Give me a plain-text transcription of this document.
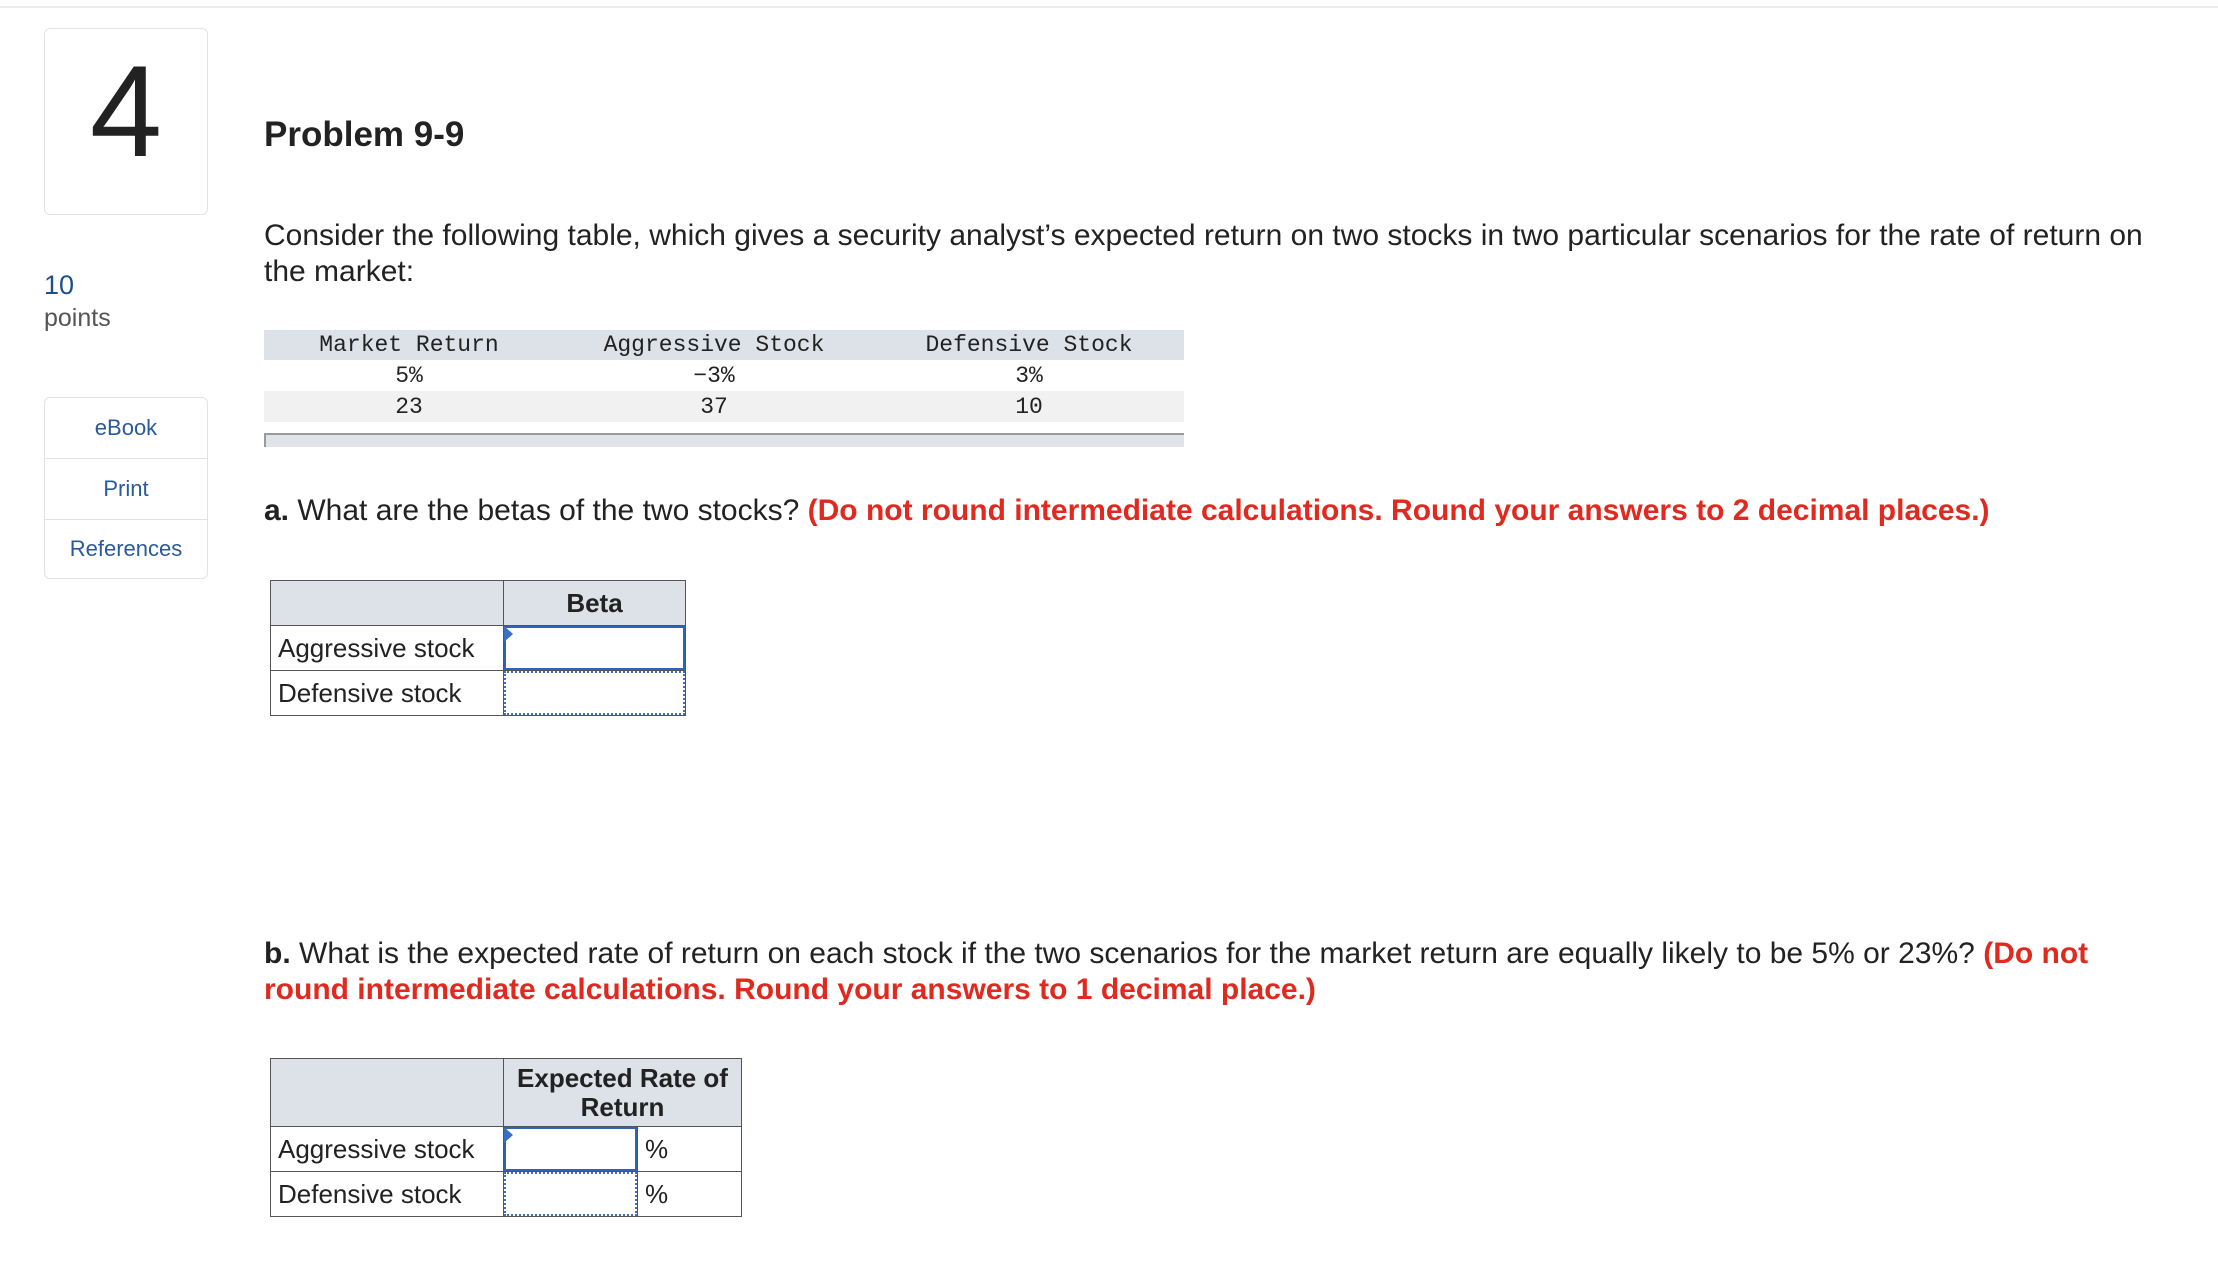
4
10
points
eBook
Print
References
Problem 9-9
Consider the following table, which gives a security analyst’s expected return on two stocks in two particular scenarios for the rate of return on the market:
Market Return	Aggressive Stock	Defensive Stock
5%	−3%	3%
23	37	10
a. What are the betas of the two stocks? (Do not round intermediate calculations. Round your answers to 2 decimal places.)
	Beta
Aggressive stock	

Defensive stock	
b. What is the expected rate of return on each stock if the two scenarios for the market return are equally likely to be 5% or 23%? (Do not round intermediate calculations. Round your answers to 1 decimal place.)
	Expected Rate of
Return	
Aggressive stock		%
Defensive stock		%
